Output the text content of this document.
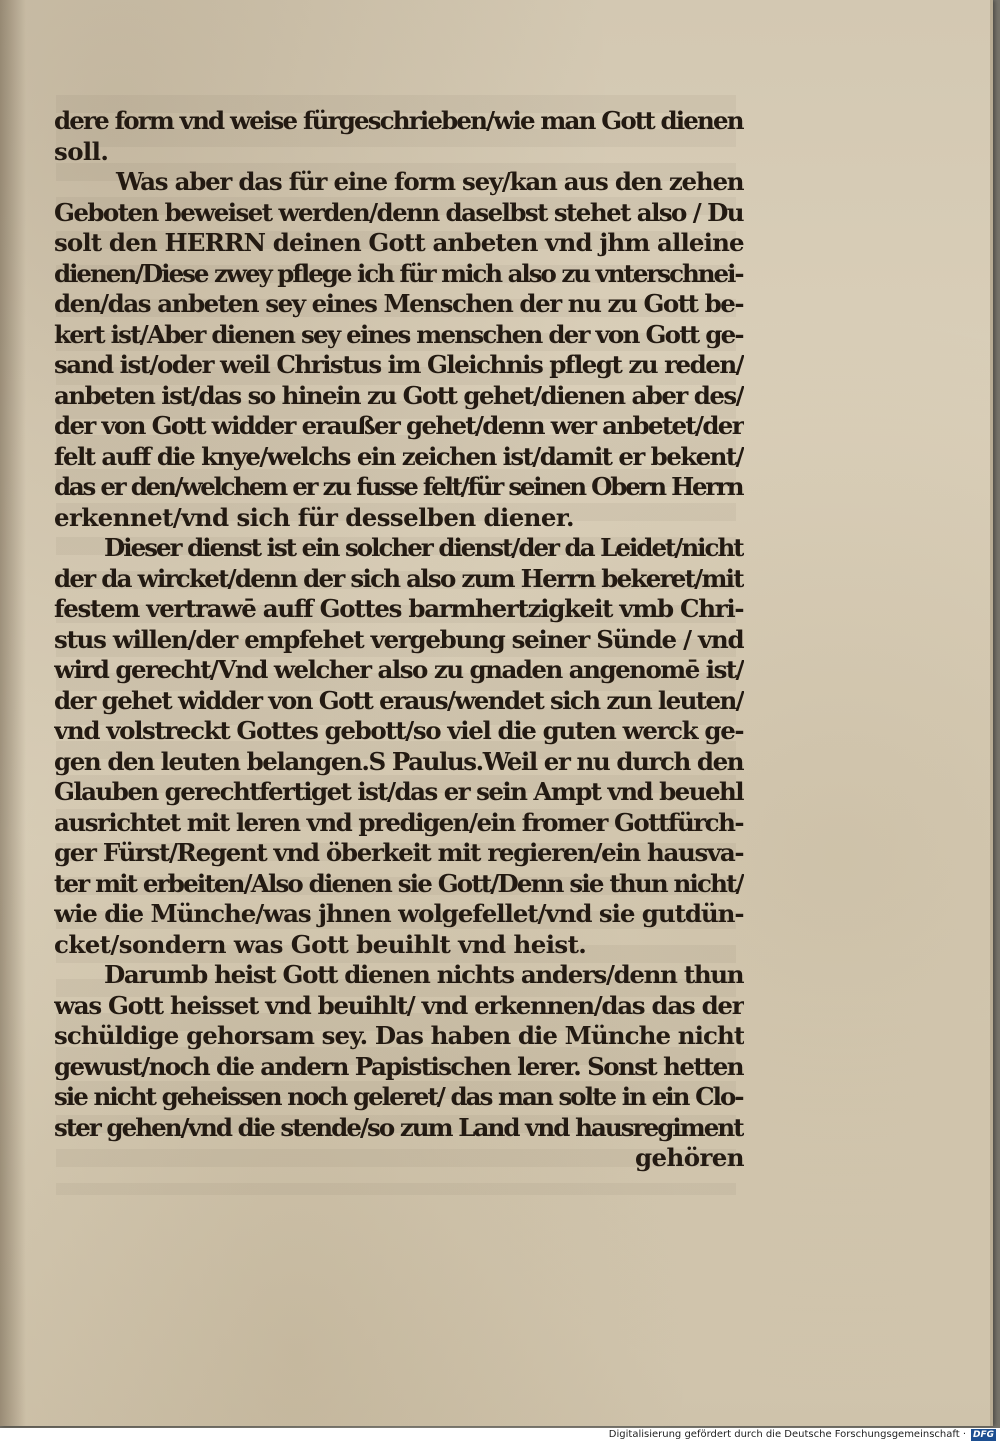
dere form vnd weise fürgeschrieben/wie man Gott dienen
soll.
Was aber das für eine form sey/kan aus den zehen
Geboten beweiset werden/denn daselbst stehet also / Du
solt den HERRN deinen Gott anbeten vnd jhm alleine
dienen/Diese zwey pflege ich für mich also zu vnterschnei-
den/das anbeten sey eines Menschen der nu zu Gott be-
kert ist/Aber dienen sey eines menschen der von Gott ge-
sand ist/oder weil Christus im Gleichnis pflegt zu reden/
anbeten ist/das so hinein zu Gott gehet/dienen aber des/
der von Gott widder eraußer gehet/denn wer anbetet/der
felt auff die knye/welchs ein zeichen ist/damit er bekent/
das er den/welchem er zu fusse felt/für seinen Obern Herrn
erkennet/vnd sich für desselben diener.
Dieser dienst ist ein solcher dienst/der da Leidet/nicht
der da wircket/denn der sich also zum Herrn bekeret/mit
festem vertrawē auff Gottes barmhertzigkeit vmb Chri-
stus willen/der empfehet vergebung seiner Sünde / vnd
wird gerecht/Vnd welcher also zu gnaden angenomē ist/
der gehet widder von Gott eraus/wendet sich zun leuten/
vnd volstreckt Gottes gebott/so viel die guten werck ge-
gen den leuten belangen.S Paulus.Weil er nu durch den
Glauben gerechtfertiget ist/das er sein Ampt vnd beuehl
ausrichtet mit leren vnd predigen/ein fromer Gottfürch-
ger Fürst/Regent vnd öberkeit mit regieren/ein hausva-
ter mit erbeiten/Also dienen sie Gott/Denn sie thun nicht/
wie die Münche/was jhnen wolgefellet/vnd sie gutdün-
cket/sondern was Gott beuihlt vnd heist.
Darumb heist Gott dienen nichts anders/denn thun
was Gott heisset vnd beuihlt/ vnd erkennen/das das der
schüldige gehorsam sey. Das haben die Münche nicht
gewust/noch die andern Papistischen lerer. Sonst hetten
sie nicht geheissen noch geleret/ das man solte in ein Clo-
ster gehen/vnd die stende/so zum Land vnd hausregiment
gehören
Digitalisierung gefördert durch die Deutsche Forschungsgemeinschaft · DFG
